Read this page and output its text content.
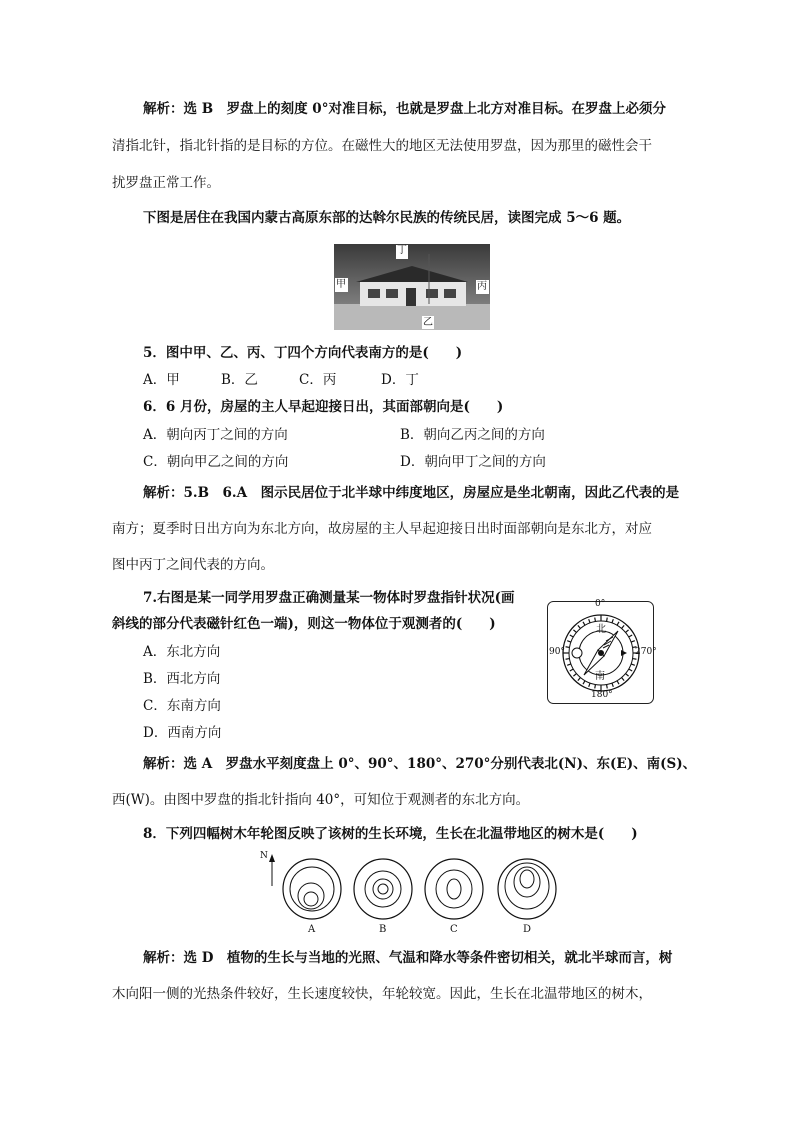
解析：选 B　罗盘上的刻度 0°对准目标，也就是罗盘上北方对准目标。在罗盘上必须分
清指北针，指北针指的是目标的方位。在磁性大的地区无法使用罗盘，因为那里的磁性会干
扰罗盘正常工作。
下图是居住在我国内蒙古高原东部的达斡尔民族的传统民居，读图完成 5～6 题。
丁
甲	丙
乙
5．图中甲、乙、丙、丁四个方向代表南方的是(　　)
A．甲	B．乙	C．丙	D．丁
6．6 月份，房屋的主人早起迎接日出，其面部朝向是(　　)
A．朝向丙丁之间的方向	B．朝向乙丙之间的方向
C．朝向甲乙之间的方向	D．朝向甲丁之间的方向
解析：5.B　6.A　图示民居位于北半球中纬度地区，房屋应是坐北朝南，因此乙代表的是
南方；夏季时日出方向为东北方向，故房屋的主人早起迎接日出时面部朝向是东北方，对应
图中丙丁之间代表的方向。
7.右图是某一同学用罗盘正确测量某一物体时罗盘指针状况(画
斜线的部分代表磁针红色一端)，则这一物体位于观测者的(　　)
A．东北方向
B．西北方向
C．东南方向
D．西南方向
0°
90°	270°
180°
北
南
解析：选 A　罗盘水平刻度盘上 0°、90°、180°、270°分别代表北(N)、东(E)、南(S)、
西(W)。由图中罗盘的指北针指向 40°，可知位于观测者的东北方向。
8．下列四幅树木年轮图反映了该树的生长环境，生长在北温带地区的树木是(　　)
N
A	B	C	D
解析：选 D　植物的生长与当地的光照、气温和降水等条件密切相关，就北半球而言，树
木向阳一侧的光热条件较好，生长速度较快，年轮较宽。因此，生长在北温带地区的树木，
